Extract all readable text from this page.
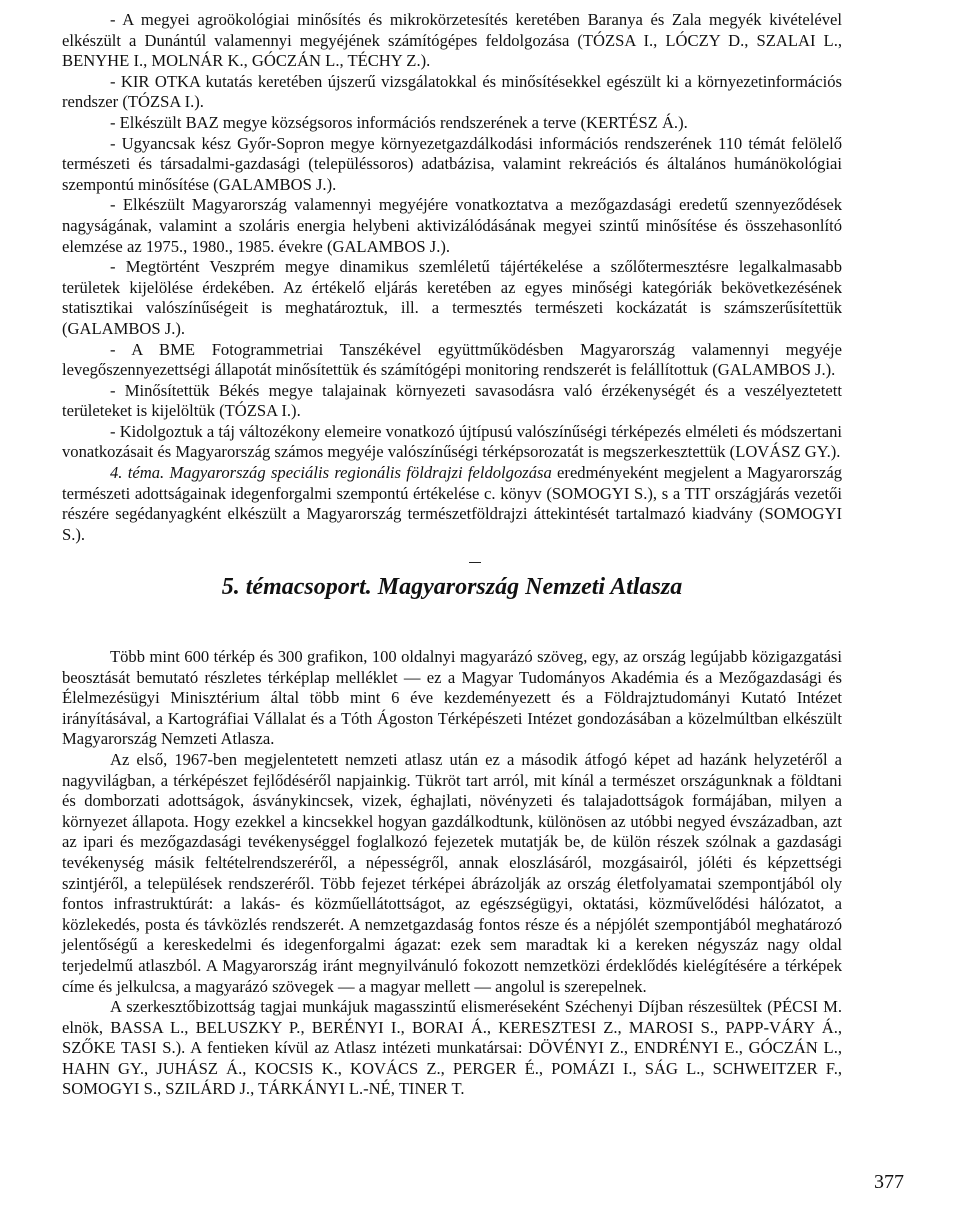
- A megyei agroökológiai minősítés és mikrokörzetesítés keretében Baranya és Zala megyék kivételével elkészült a Dunántúl valamennyi megyéjének számítógépes feldolgozása (TÓZSA I., LÓCZY D., SZALAI L., BENYHE I., MOLNÁR K., GÓCZÁN L., TÉCHY Z.).

- KIR OTKA kutatás keretében újszerű vizsgálatokkal és minősítésekkel egészült ki a környezetinformációs rendszer (TÓZSA I.).

- Elkészült BAZ megye községsoros információs rendszerének a terve (KERTÉSZ Á.).

- Ugyancsak kész Győr-Sopron megye környezetgazdálkodási információs rendszerének 110 témát felölelő természeti és társadalmi-gazdasági (településsoros) adatbázisa, valamint rekreációs és általános humánökológiai szempontú minősítése (GALAMBOS J.).

- Elkészült Magyarország valamennyi megyéjére vonatkoztatva a mezőgazdasági eredetű szennyeződések nagyságának, valamint a szoláris energia helybeni aktivizálódásának megyei szintű minősítése és összehasonlító elemzése az 1975., 1980., 1985. évekre (GALAMBOS J.).

- Megtörtént Veszprém megye dinamikus szemléletű tájértékelése a szőlőtermesztésre legalkalmasabb területek kijelölése érdekében. Az értékelő eljárás keretében az egyes minőségi kategóriák bekövetkezésének statisztikai valószínűségeit is meghatároztuk, ill. a termesztés természeti kockázatát is számszerűsítettük (GALAMBOS J.).

- A BME Fotogrammetriai Tanszékével együttműködésben Magyarország valamennyi megyéje levegőszennyezettségi állapotát minősítettük és számítógépi monitoring rendszerét is felállítottuk (GALAMBOS J.).

- Minősítettük Békés megye talajainak környezeti savasodásra való érzékenységét és a veszélyeztetett területeket is kijelöltük (TÓZSA I.).

- Kidolgoztuk a táj változékony elemeire vonatkozó újtípusú valószínűségi térképezés elméleti és módszertani vonatkozásait és Magyarország számos megyéje valószínűségi térképsorozatát is megszerkesztettük (LOVÁSZ GY.).

4. téma. Magyarország speciális regionális földrajzi feldolgozása eredményeként megjelent a Magyarország természeti adottságainak idegenforgalmi szempontú értékelése c. könyv (SOMOGYI S.), s a TIT országjárás vezetői részére segédanyagként elkészült a Magyarország természetföldrajzi áttekintését tartalmazó kiadvány (SOMOGYI S.).

5. témacsoport. Magyarország Nemzeti Atlasza

Több mint 600 térkép és 300 grafikon, 100 oldalnyi magyarázó szöveg, egy, az ország legújabb közigazgatási beosztását bemutató részletes térképlap melléklet — ez a Magyar Tudományos Akadémia és a Mezőgazdasági és Élelmezésügyi Minisztérium által több mint 6 éve kezdeményezett és a Földrajztudományi Kutató Intézet irányításával, a Kartográfiai Vállalat és a Tóth Ágoston Térképészeti Intézet gondozásában a közelmúltban elkészült Magyarország Nemzeti Atlasza.

Az első, 1967-ben megjelentetett nemzeti atlasz után ez a második átfogó képet ad hazánk helyzetéről a nagyvilágban, a térképészet fejlődéséről napjainkig. Tükröt tart arról, mit kínál a természet országunknak a földtani és domborzati adottságok, ásványkincsek, vizek, éghajlati, növényzeti és talajadottságok formájában, milyen a környezet állapota. Hogy ezekkel a kincsekkel hogyan gazdálkodtunk, különösen az utóbbi negyed évszázadban, azt az ipari és mezőgazdasági tevékenységgel foglalkozó fejezetek mutatják be, de külön részek szólnak a gazdasági tevékenység másik feltételrendszeréről, a népességről, annak eloszlásáról, mozgásairól, jóléti és képzettségi szintjéről, a települések rendszeréről. Több fejezet térképei ábrázolják az ország életfolyamatai szempontjából oly fontos infrastruktúrát: a lakás- és közműellátottságot, az egészségügyi, oktatási, közművelődési hálózatot, a közlekedés, posta és távközlés rendszerét. A nemzetgazdaság fontos része és a népjólét szempontjából meghatározó jelentőségű a kereskedelmi és idegenforgalmi ágazat: ezek sem maradtak ki a kereken négyszáz nagy oldal terjedelmű atlaszból. A Magyarország iránt megnyilvánuló fokozott nemzetközi érdeklődés kielégítésére a térképek címe és jelkulcsa, a magyarázó szövegek — a magyar mellett — angolul is szerepelnek.

A szerkesztőbizottság tagjai munkájuk magasszintű elismeréseként Széchenyi Díjban részesültek (PÉCSI M. elnök, BASSA L., BELUSZKY P., BERÉNYI I., BORAI Á., KERESZTESI Z., MAROSI S., PAPP-VÁRY Á., SZŐKE TASI S.). A fentieken kívül az Atlasz intézeti munkatársai: DÖVÉNYI Z., ENDRÉNYI E., GÓCZÁN L., HAHN GY., JUHÁSZ Á., KOCSIS K., KOVÁCS Z., PERGER É., POMÁZI I., SÁG L., SCHWEITZER F., SOMOGYI S., SZILÁRD J., TÁRKÁNYI L.-NÉ, TINER T.

377
